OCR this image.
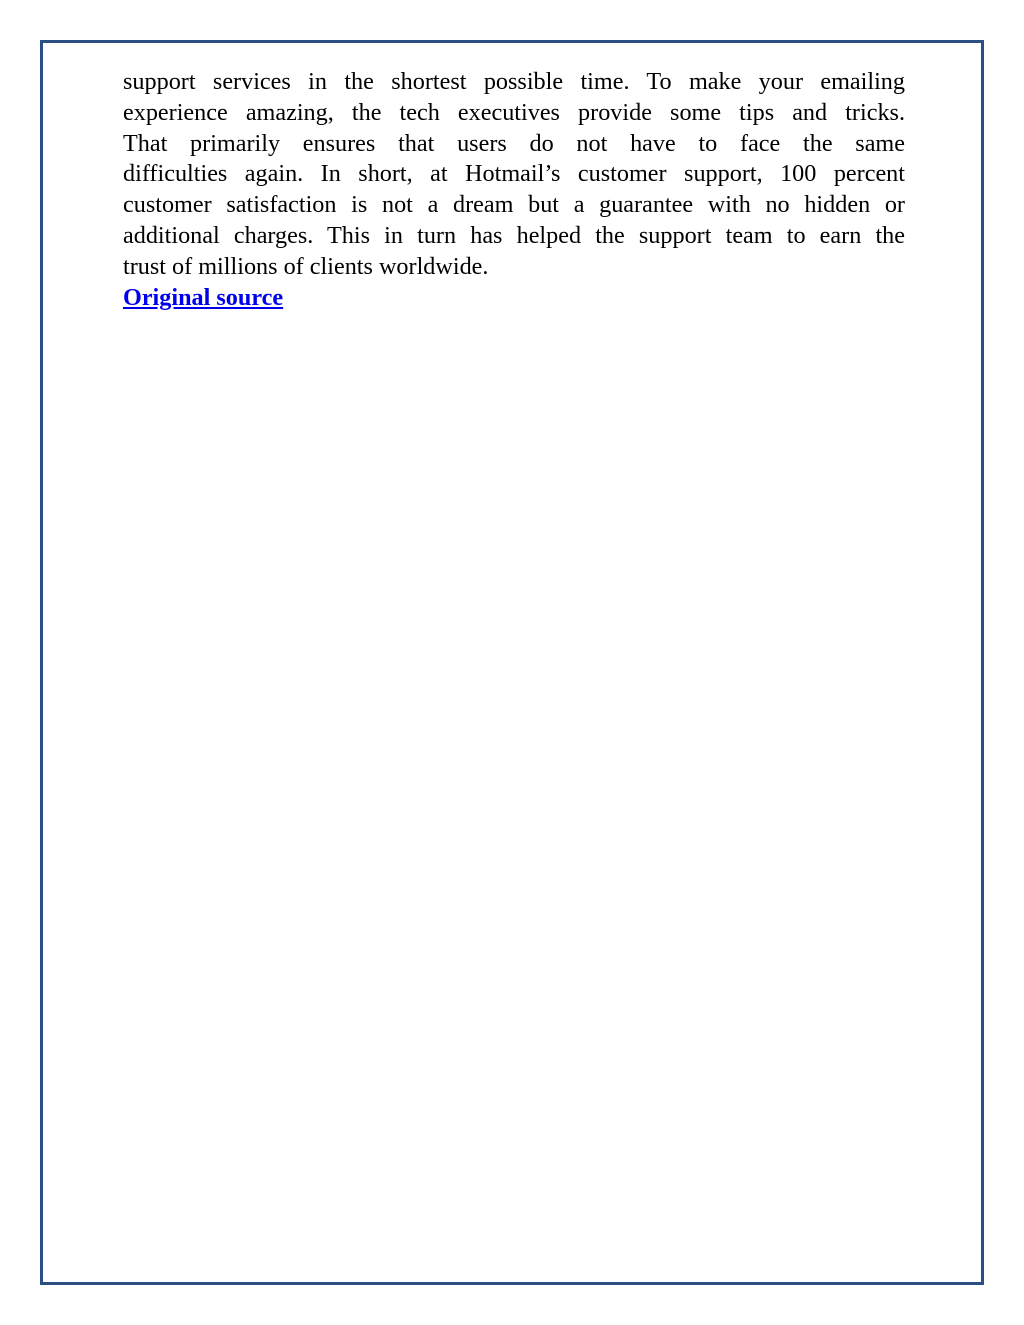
support services in the shortest possible time. To make your emailing
experience amazing, the tech executives provide some tips and tricks.
That primarily ensures that users do not have to face the same
difficulties again. In short, at Hotmail’s customer support, 100 percent
customer satisfaction is not a dream but a guarantee with no hidden or
additional charges. This in turn has helped the support team to earn the
trust of millions of clients worldwide.

Original source
